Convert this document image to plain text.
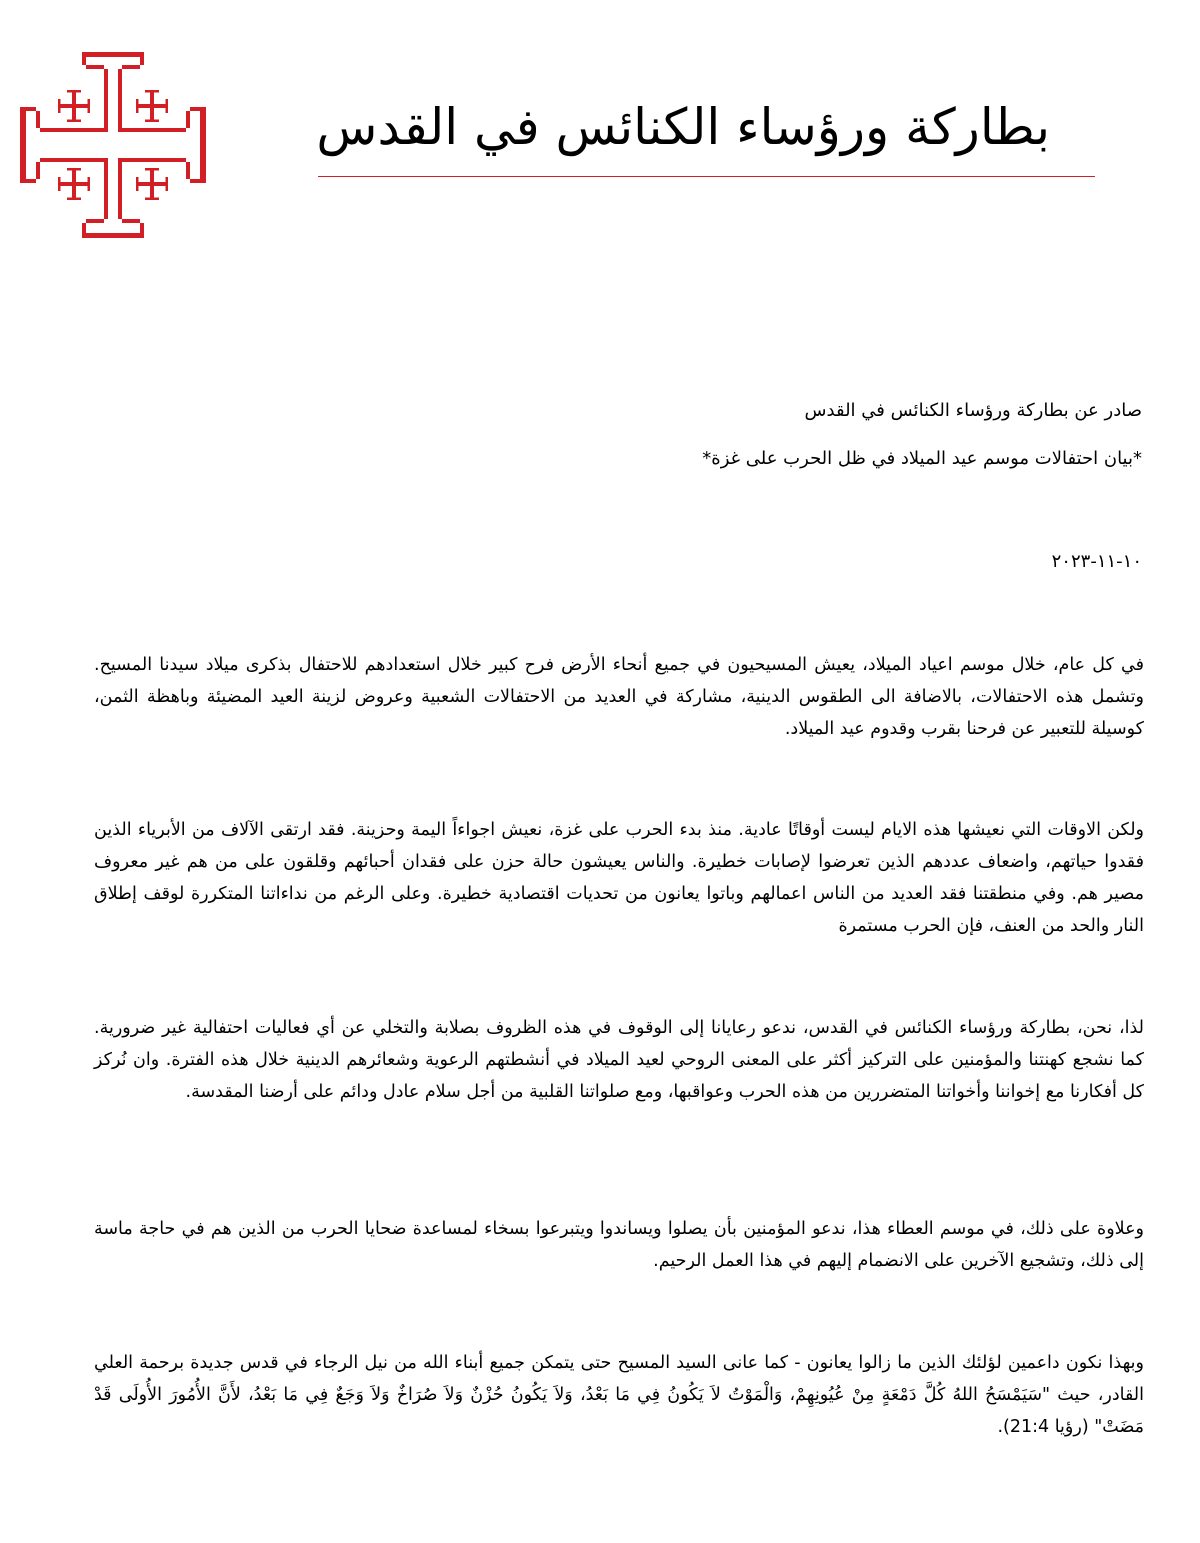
بطاركة ورؤساء الكنائس في القدس
صادر عن بطاركة ورؤساء الكنائس في القدس
*بيان احتفالات موسم عيد الميلاد في ظل الحرب على غزة*
١٠-١١-٢٠٢٣

في كل عام، خلال موسم اعياد الميلاد، يعيش المسيحيون في جميع أنحاء الأرض فرح كبير خلال استعدادهم للاحتفال بذكرى ميلاد سيدنا المسيح. وتشمل هذه الاحتفالات، بالاضافة الى الطقوس الدينية، مشاركة في العديد من الاحتفالات الشعبية وعروض لزينة العيد المضيئة وباهظة الثمن، كوسيلة للتعبير عن فرحنا بقرب وقدوم عيد الميلاد.

ولكن الاوقات التي نعيشها هذه الايام ليست أوقاتًا عادية. منذ بدء الحرب على غزة، نعيش اجواءاً اليمة وحزينة. فقد ارتقى الآلاف من الأبرياء الذين فقدوا حياتهم، واضعاف عددهم الذين تعرضوا لإصابات خطيرة. والناس يعيشون حالة حزن على فقدان أحبائهم وقلقون على من هم غير معروف مصير هم. وفي منطقتنا فقد العديد من الناس اعمالهم وباتوا يعانون من تحديات اقتصادية خطيرة. وعلى الرغم من نداءاتنا المتكررة لوقف إطلاق النار والحد من العنف، فإن الحرب مستمرة

لذا، نحن، بطاركة ورؤساء الكنائس في القدس، ندعو رعايانا إلى الوقوف في هذه الظروف بصلابة والتخلي عن أي فعاليات احتفالية غير ضرورية. كما نشجع كهنتنا والمؤمنين على التركيز أكثر على المعنى الروحي لعيد الميلاد في أنشطتهم الرعوية وشعائرهم الدينية خلال هذه الفترة. وان نُركز كل أفكارنا مع إخواننا وأخواتنا المتضررين من هذه الحرب وعواقبها، ومع صلواتنا القلبية من أجل سلام عادل ودائم على أرضنا المقدسة.

وعلاوة على ذلك، في موسم العطاء هذا، ندعو المؤمنين بأن يصلوا ويساندوا ويتبرعوا بسخاء لمساعدة ضحايا الحرب من الذين هم في حاجة ماسة إلى ذلك، وتشجيع الآخرين على الانضمام إليهم في هذا العمل الرحيم.

وبهذا نكون داعمين لؤلئك الذين ما زالوا يعانون - كما عانى السيد المسيح حتى يتمكن جميع أبناء الله من نيل الرجاء في قدس جديدة برحمة العلي القادر، حيث "سَيَمْسَحُ اللهُ كُلَّ دَمْعَةٍ مِنْ عُيُونِهِمْ، وَالْمَوْتُ لاَ يَكُونُ فِي مَا بَعْدُ، وَلاَ يَكُونُ حُزْنٌ وَلاَ صُرَاخٌ وَلاَ وَجَعٌ فِي مَا بَعْدُ، لأَنَّ الأُمُورَ الأُولَى قَدْ مَضَتْ" (رؤيا 21:4).
